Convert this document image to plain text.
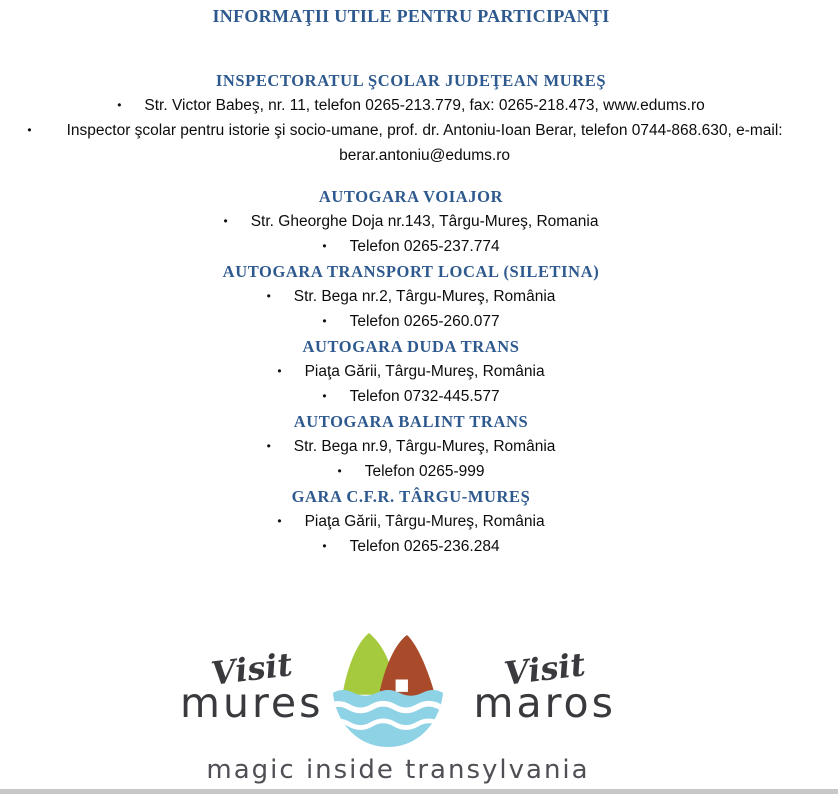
INFORMAŢII UTILE PENTRU PARTICIPANŢI
INSPECTORATUL ŞCOLAR JUDEŢEAN MUREŞ
• Str. Victor Babeş, nr. 11, telefon 0265-213.779, fax: 0265-218.473, www.edums.ro
•	Inspector şcolar pentru istorie şi socio-umane, prof. dr. Antoniu-Ioan Berar, telefon 0744-868.630, e-mail: berar.antoniu@edums.ro
AUTOGARA VOIAJOR
• Str. Gheorghe Doja nr.143, Târgu-Mureş, Romania
• Telefon 0265-237.774
AUTOGARA TRANSPORT LOCAL (SILETINA)
• Str. Bega nr.2, Târgu-Mureş, România
• Telefon 0265-260.077
AUTOGARA DUDA TRANS
• Piaţa Gării, Târgu-Mureş, România
• Telefon 0732-445.577
AUTOGARA BALINT TRANS
• Str. Bega nr.9, Târgu-Mureş, România
• Telefon 0265-999
GARA C.F.R. TÂRGU-MUREŞ
• Piaţa Gării, Târgu-Mureş, România
• Telefon 0265-236.284
Visit
mures
Visit
maros
magic inside transylvania
